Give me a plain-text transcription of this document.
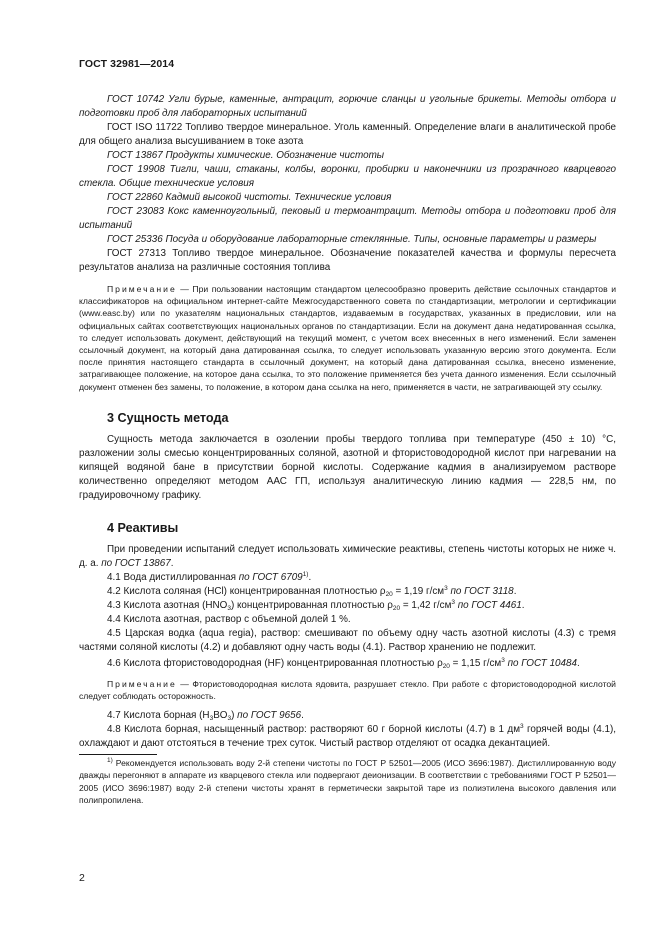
ГОСТ 32981—2014

ГОСТ 10742 Угли бурые, каменные, антрацит, горючие сланцы и угольные брикеты. Методы отбора и подготовки проб для лабораторных испытаний

ГОСТ ISO 11722 Топливо твердое минеральное. Уголь каменный. Определение влаги в аналитической пробе для общего анализа высушиванием в токе азота

ГОСТ 13867 Продукты химические. Обозначение чистоты

ГОСТ 19908 Тигли, чаши, стаканы, колбы, воронки, пробирки и наконечники из прозрачного кварцевого стекла. Общие технические условия

ГОСТ 22860 Кадмий высокой чистоты. Технические условия

ГОСТ 23083 Кокс каменноугольный, пековый и термоантрацит. Методы отбора и подготовки проб для испытаний

ГОСТ 25336 Посуда и оборудование лабораторные стеклянные. Типы, основные параметры и размеры

ГОСТ 27313 Топливо твердое минеральное. Обозначение показателей качества и формулы пересчета результатов анализа на различные состояния топлива

Примечание — При пользовании настоящим стандартом целесообразно проверить действие ссылочных стандартов и классификаторов на официальном интернет-сайте Межгосударственного совета по стандартизации, метрологии и сертификации (www.easc.by) или по указателям национальных стандартов, издаваемым в государствах, указанных в предисловии, или на официальных сайтах соответствующих национальных органов по стандартизации. Если на документ дана недатированная ссылка, то следует использовать документ, действующий на текущий момент, с учетом всех внесенных в него изменений. Если заменен ссылочный документ, на который дана датированная ссылка, то следует использовать указанную версию этого документа. Если после принятия настоящего стандарта в ссылочный документ, на который дана датированная ссылка, внесено изменение, затрагивающее положение, на которое дана ссылка, то это положение применяется без учета данного изменения. Если ссылочный документ отменен без замены, то положение, в котором дана ссылка на него, применяется в части, не затрагивающей эту ссылку.

3 Сущность метода

Сущность метода заключается в озолении пробы твердого топлива при температуре (450 ± 10) °С, разложении золы смесью концентрированных соляной, азотной и фтористоводородной кислот при нагревании на кипящей водяной бане в присутствии борной кислоты. Содержание кадмия в анализируемом растворе количественно определяют методом ААС ГП, используя аналитическую линию кадмия — 228,5 нм, по градуировочному графику.

4 Реактивы

При проведении испытаний следует использовать химические реактивы, степень чистоты которых не ниже ч. д. а. по ГОСТ 13867.

4.1 Вода дистиллированная по ГОСТ 6709$^{1)}$.

4.2 Кислота соляная (HCl) концентрированная плотностью $\rho_{20} = 1,19$ $г/см^3$ по ГОСТ 3118.

4.3 Кислота азотная $(HNO_3)$ концентрированная плотностью $\rho_{20} = 1,42$ $г/см^3$ по ГОСТ 4461.

4.4 Кислота азотная, раствор с объемной долей 1 %.

4.5 Царская водка (aqua regia), раствор: смешивают по объему одну часть азотной кислоты (4.3) с тремя частями соляной кислоты (4.2) и добавляют одну часть воды (4.1). Раствор хранению не подлежит.

4.6 Кислота фтористоводородная (HF) концентрированная плотностью $\rho_{20} = 1,15$ $г/см^3$ по ГОСТ 10484.

Примечание — Фтористоводородная кислота ядовита, разрушает стекло. При работе с фтористоводородной кислотой следует соблюдать осторожность.

4.7 Кислота борная $(H_3BO_3)$ по ГОСТ 9656.

4.8 Кислота борная, насыщенный раствор: растворяют 60 г борной кислоты (4.7) в 1 $дм^3$ горячей воды (4.1), охлаждают и дают отстояться в течение трех суток. Чистый раствор отделяют от осадка декантацией.

$^{1)}$ Рекомендуется использовать воду 2-й степени чистоты по ГОСТ Р 52501—2005 (ИСО 3696:1987). Дистиллированную воду дважды перегоняют в аппарате из кварцевого стекла или подвергают деионизации. В соответствии с требованиями ГОСТ Р 52501—2005 (ИСО 3696:1987) воду 2-й степени чистоты хранят в герметически закрытой таре из полиэтилена высокого давления или полипропилена.

2
